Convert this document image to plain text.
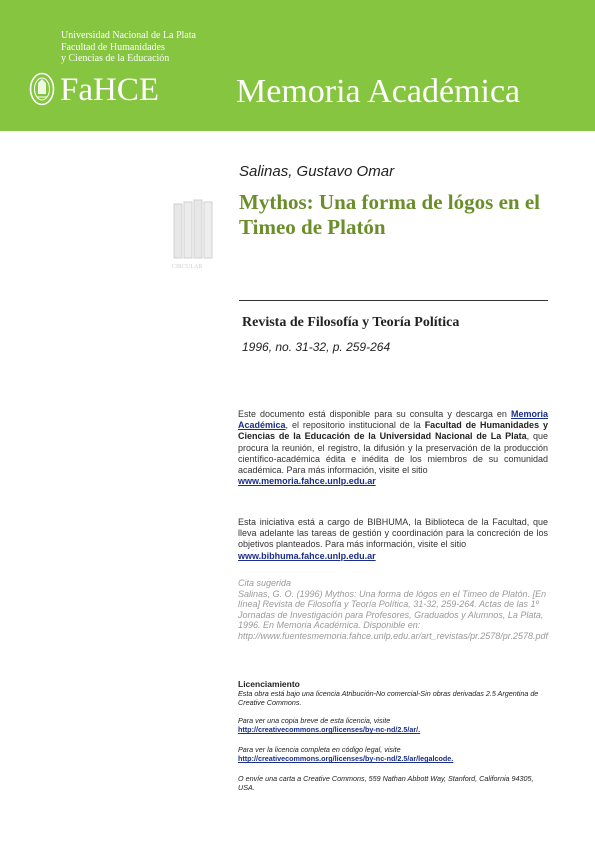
Universidad Nacional de La Plata
Facultad de Humanidades
y Ciencias de la Educación
FaHCE Memoria Académica
Salinas, Gustavo Omar
Mythos: Una forma de lógos en el Timeo de Platón
CIRCULAR
Revista de Filosofía y Teoría Política
1996, no. 31-32, p. 259-264
Este documento está disponible para su consulta y descarga en Memoria Académica, el repositorio institucional de la Facultad de Humanidades y Ciencias de la Educación de la Universidad Nacional de La Plata, que procura la reunión, el registro, la difusión y la preservación de la producción científico-académica édita e inédita de los miembros de su comunidad académica. Para más información, visite el sitio
www.memoria.fahce.unlp.edu.ar
Esta iniciativa está a cargo de BIBHUMA, la Biblioteca de la Facultad, que lleva adelante las tareas de gestión y coordinación para la concreción de los objetivos planteados. Para más información, visite el sitio
www.bibhuma.fahce.unlp.edu.ar
Cita sugerida
Salinas, G. O. (1996) Mythos: Una forma de lógos en el Timeo de Platón. [En línea] Revista de Filosofía y Teoría Política, 31-32, 259-264. Actas de las 1º Jornadas de Investigación para Profesores, Graduados y Alumnos, La Plata, 1996. En Memoria Académica. Disponible en: http://www.fuentesmemoria.fahce.unlp.edu.ar/art_revistas/pr.2578/pr.2578.pdf
Licenciamiento
Esta obra está bajo una licencia Atribución-No comercial-Sin obras derivadas 2.5 Argentina de Creative Commons.
Para ver una copia breve de esta licencia, visite
http://creativecommons.org/licenses/by-nc-nd/2.5/ar/.
Para ver la licencia completa en código legal, visite
http://creativecommons.org/licenses/by-nc-nd/2.5/ar/legalcode.
O envíe una carta a Creative Commons, 559 Nathan Abbott Way, Stanford, California 94305, USA.
